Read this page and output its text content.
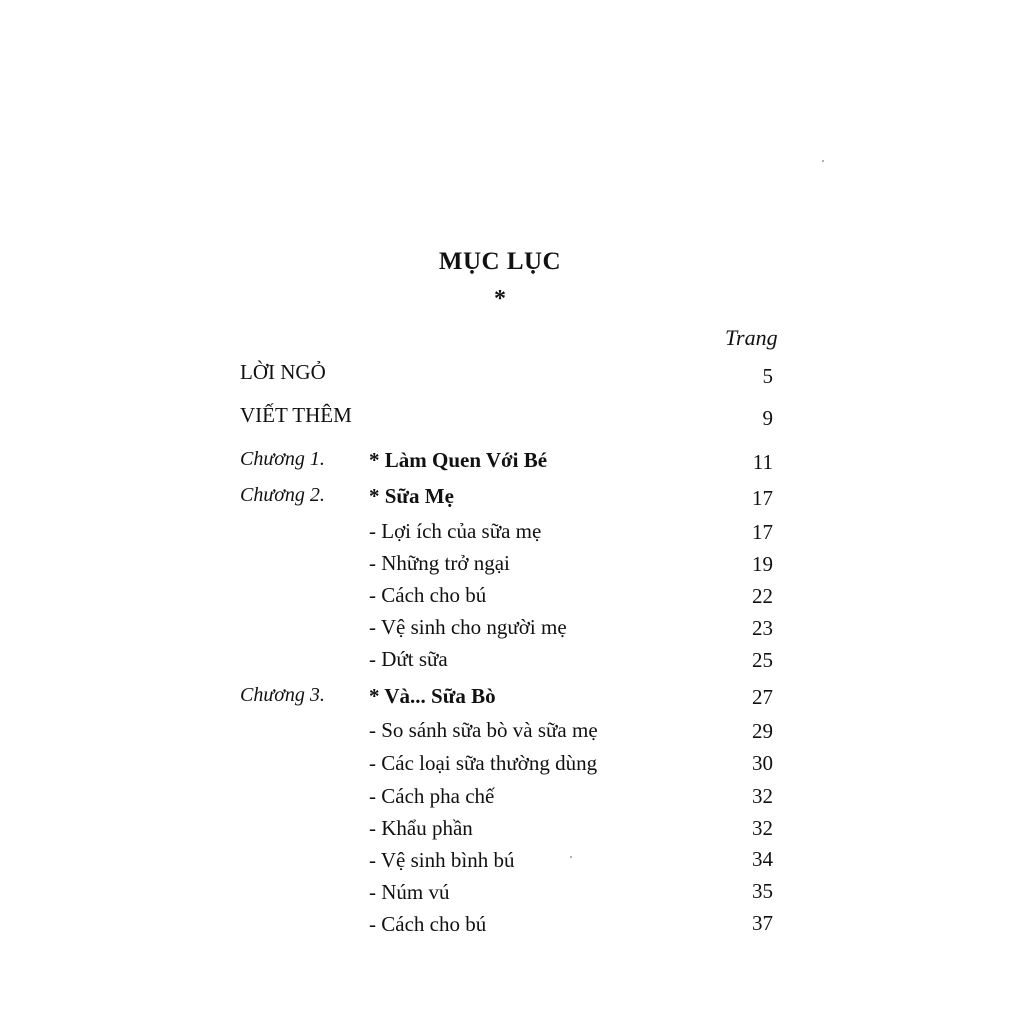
MỤC LỤC
*
Trang
LỜI NGỎ	5
VIẾT THÊM	9
Chương 1. * Làm Quen Với Bé	11
Chương 2. * Sữa Mẹ	17
- Lợi ích của sữa mẹ	17
- Những trở ngại	19
- Cách cho bú	22
- Vệ sinh cho người mẹ	23
- Dứt sữa	25
Chương 3. * Và... Sữa Bò	27
- So sánh sữa bò và sữa mẹ	29
- Các loại sữa thường dùng	30
- Cách pha chế	32
- Khẩu phần	32
- Vệ sinh bình bú	34
- Núm vú	35
- Cách cho bú	37
